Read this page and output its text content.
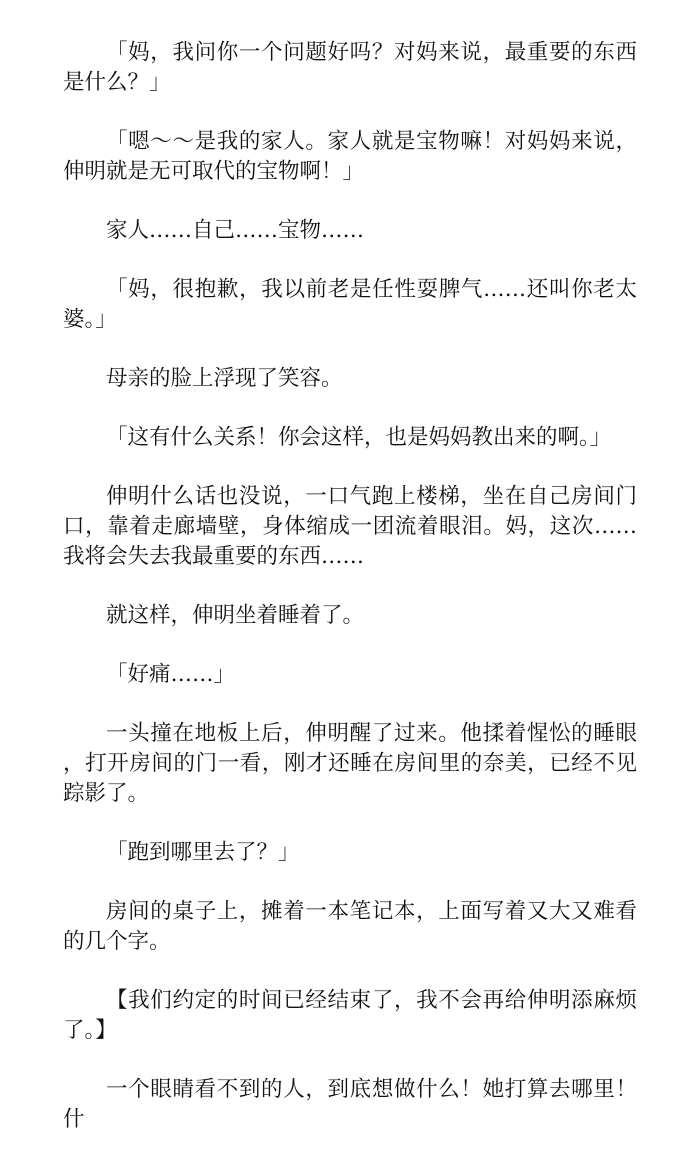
「妈，我问你一个问题好吗？对妈来说，最重要的东西是什么？」

「嗯～～是我的家人。家人就是宝物嘛！对妈妈来说，伸明就是无可取代的宝物啊！」

家人……自己……宝物……

「妈，很抱歉，我以前老是任性耍脾气……还叫你老太婆。」

母亲的脸上浮现了笑容。

「这有什么关系！你会这样，也是妈妈教出来的啊。」

伸明什么话也没说，一口气跑上楼梯，坐在自己房间门口，靠着走廊墙壁，身体缩成一团流着眼泪。妈，这次……我将会失去我最重要的东西……

就这样，伸明坐着睡着了。

「好痛……」

一头撞在地板上后，伸明醒了过来。他揉着惺忪的睡眼，打开房间的门一看，刚才还睡在房间里的奈美，已经不见踪影了。

「跑到哪里去了？」

房间的桌子上，摊着一本笔记本，上面写着又大又难看的几个字。

【我们约定的时间已经结束了，我不会再给伸明添麻烦了。】

一个眼睛看不到的人，到底想做什么！她打算去哪里！什
